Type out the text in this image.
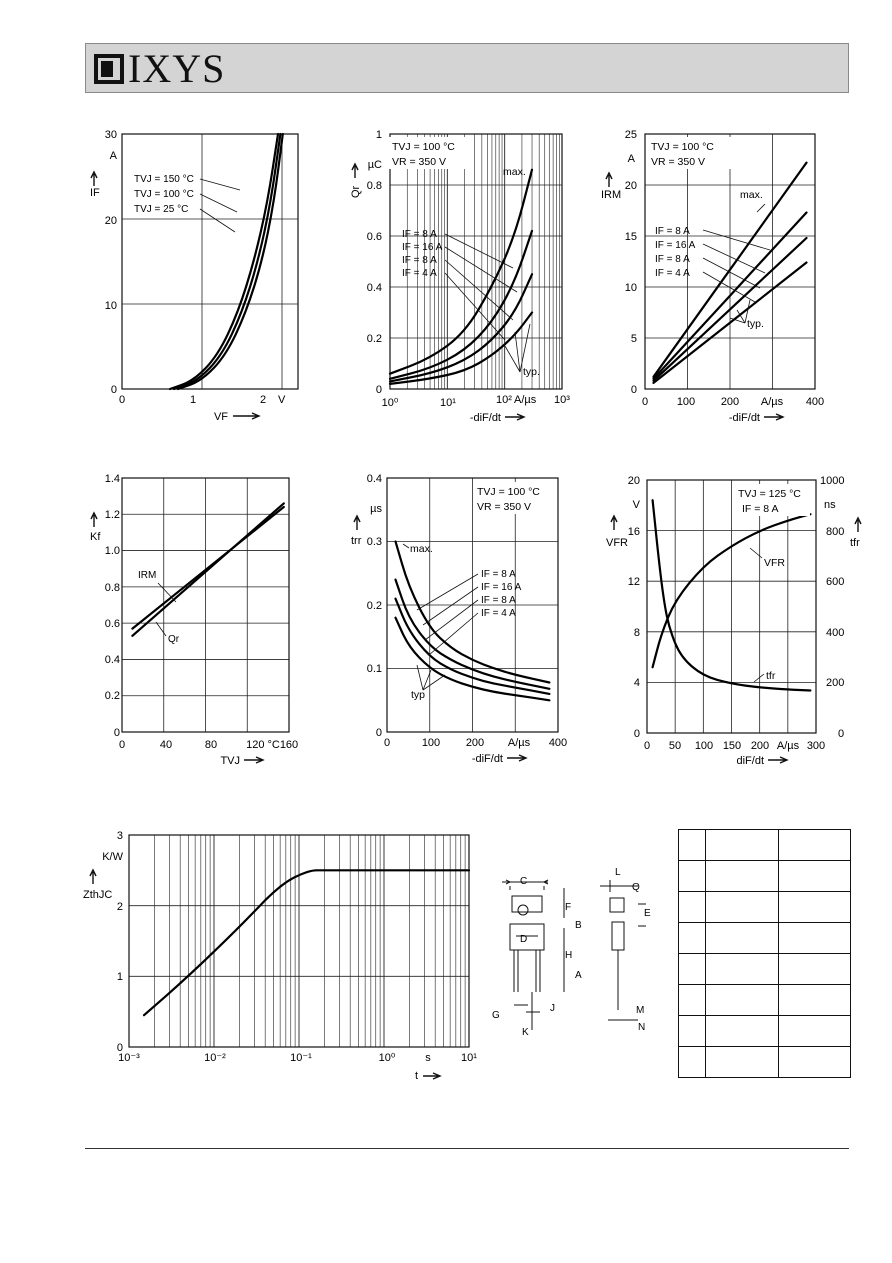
IXYS
30
A
20
10
0
IF
0	1	2 V
VF
TVJ = 150 °C
TVJ = 100 °C
TVJ = 25 °C
1
µC
0.8
0.6
0.4
0.2
0
Qr
10⁰	10¹	10² A/µs 10³
-diF/dt
TVJ = 100 °C
VR = 350 V
IF = 8 A
IF = 16 A
IF = 8 A
IF = 4 A
max.
typ.
25
A
20
15
10
5
0
IRM
0	100 200 A/µs 400
-diF/dt
TVJ = 100 °C
VR = 350 V
IF = 8 A
IF = 16 A
IF = 8 A
IF = 4 A
max.
typ.
1.4
1.2
1.0
0.8
0.6
0.4
0.2
0
Kf
0	40	80	120 °C 160
TVJ
IRM
Qr
0.4
µs
0.3
0.2
0.1
0
trr
0	100 200 A/µs 400
-diF/dt
TVJ = 100 °C
VR = 350 V
IF = 8 A
IF = 16 A
IF = 8 A
IF = 4 A
max.
typ
20
V
16
12
8
4
0
VFR
1000
ns
800
600
400
200
0
tfr
0 50 100 150 200 A/µs 300
diF/dt
TVJ = 125 °C
IF = 8 A
VFR
tfr
3
K/W
2
1
0
ZthJC
10⁻³	10⁻²	10⁻¹	10⁰	s	10¹
t
C
F
B
D
H
A
G
K
J
L
Q
E
M
N
